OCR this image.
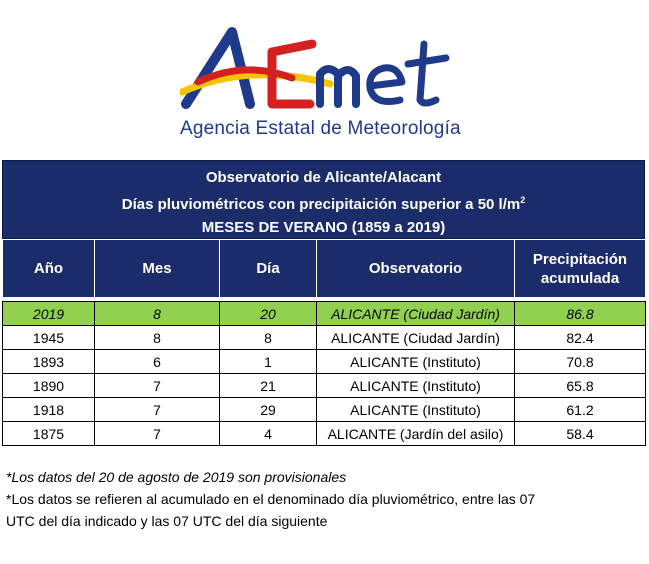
Agencia Estatal de Meteorología
Observatorio de Alicante/Alacant
Días pluviométricos con precipitaición superior a 50 $l/m^2$
MESES DE VERANO (1859 a 2019)
Año	Mes	Día	Observatorio	Precipitación acumulada

2019	8	20	ALICANTE (Ciudad Jardín)	86.8
1945	8	8	ALICANTE (Ciudad Jardín)	82.4
1893	6	1	ALICANTE (Instituto)	70.8
1890	7	21	ALICANTE (Instituto)	65.8
1918	7	29	ALICANTE (Instituto)	61.2
1875	7	4	ALICANTE (Jardín del asilo)	58.4
*Los datos del 20 de agosto de 2019 son provisionales
*Los datos se refieren al acumulado en el denominado día pluviométrico, entre las 07
UTC del día indicado y las 07 UTC del día siguiente
